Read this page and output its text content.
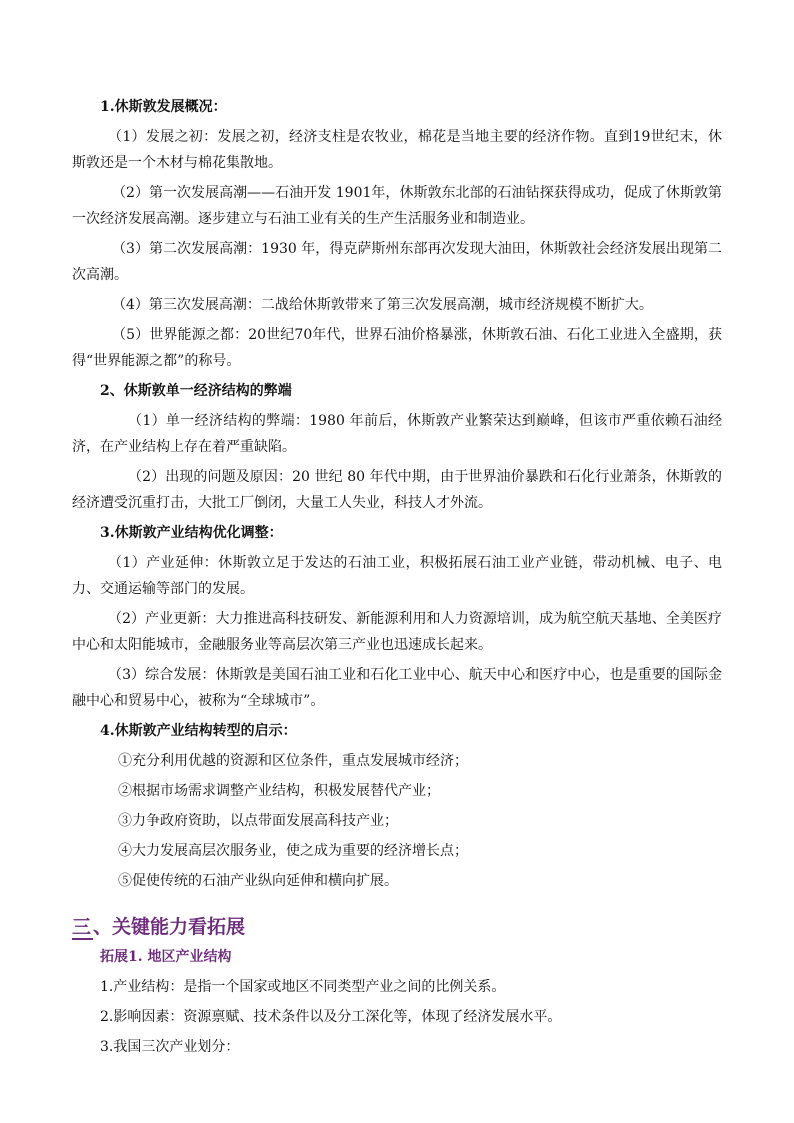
1.休斯敦发展概况：

（1）发展之初：发展之初，经济支柱是农牧业，棉花是当地主要的经济作物。直到19世纪末，休斯敦还是一个木材与棉花集散地。

（2）第一次发展高潮——石油开发 1901年，休斯敦东北部的石油钻探获得成功，促成了休斯敦第一次经济发展高潮。逐步建立与石油工业有关的生产生活服务业和制造业。

（3）第二次发展高潮：1930 年，得克萨斯州东部再次发现大油田，休斯敦社会经济发展出现第二次高潮。

（4）第三次发展高潮：二战给休斯敦带来了第三次发展高潮，城市经济规模不断扩大。

（5）世界能源之都：20世纪70年代，世界石油价格暴涨，休斯敦石油、石化工业进入全盛期，获得“世界能源之都”的称号。

2、休斯敦单一经济结构的弊端

（1）单一经济结构的弊端：1980 年前后，休斯敦产业繁荣达到巅峰，但该市严重依赖石油经济，在产业结构上存在着严重缺陷。

（2）出现的问题及原因：20 世纪 80 年代中期，由于世界油价暴跌和石化行业萧条，休斯敦的经济遭受沉重打击，大批工厂倒闭，大量工人失业，科技人才外流。

3.休斯敦产业结构优化调整：

（1）产业延伸：休斯敦立足于发达的石油工业，积极拓展石油工业产业链，带动机械、电子、电力、交通运输等部门的发展。

（2）产业更新：大力推进高科技研发、新能源利用和人力资源培训，成为航空航天基地、全美医疗中心和太阳能城市，金融服务业等高层次第三产业也迅速成长起来。

（3）综合发展：休斯敦是美国石油工业和石化工业中心、航天中心和医疗中心，也是重要的国际金融中心和贸易中心，被称为“全球城市”。

4.休斯敦产业结构转型的启示：

①充分利用优越的资源和区位条件，重点发展城市经济；

②根据市场需求调整产业结构，积极发展替代产业；

③力争政府资助，以点带面发展高科技产业；

④大力发展高层次服务业，使之成为重要的经济增长点；

⑤促使传统的石油产业纵向延伸和横向扩展。

三 、关键能力看拓展

拓展1. 地区产业结构

1.产业结构：是指一个国家或地区不同类型产业之间的比例关系。

2.影响因素：资源禀赋、技术条件以及分工深化等，体现了经济发展水平。

3.我国三次产业划分：
